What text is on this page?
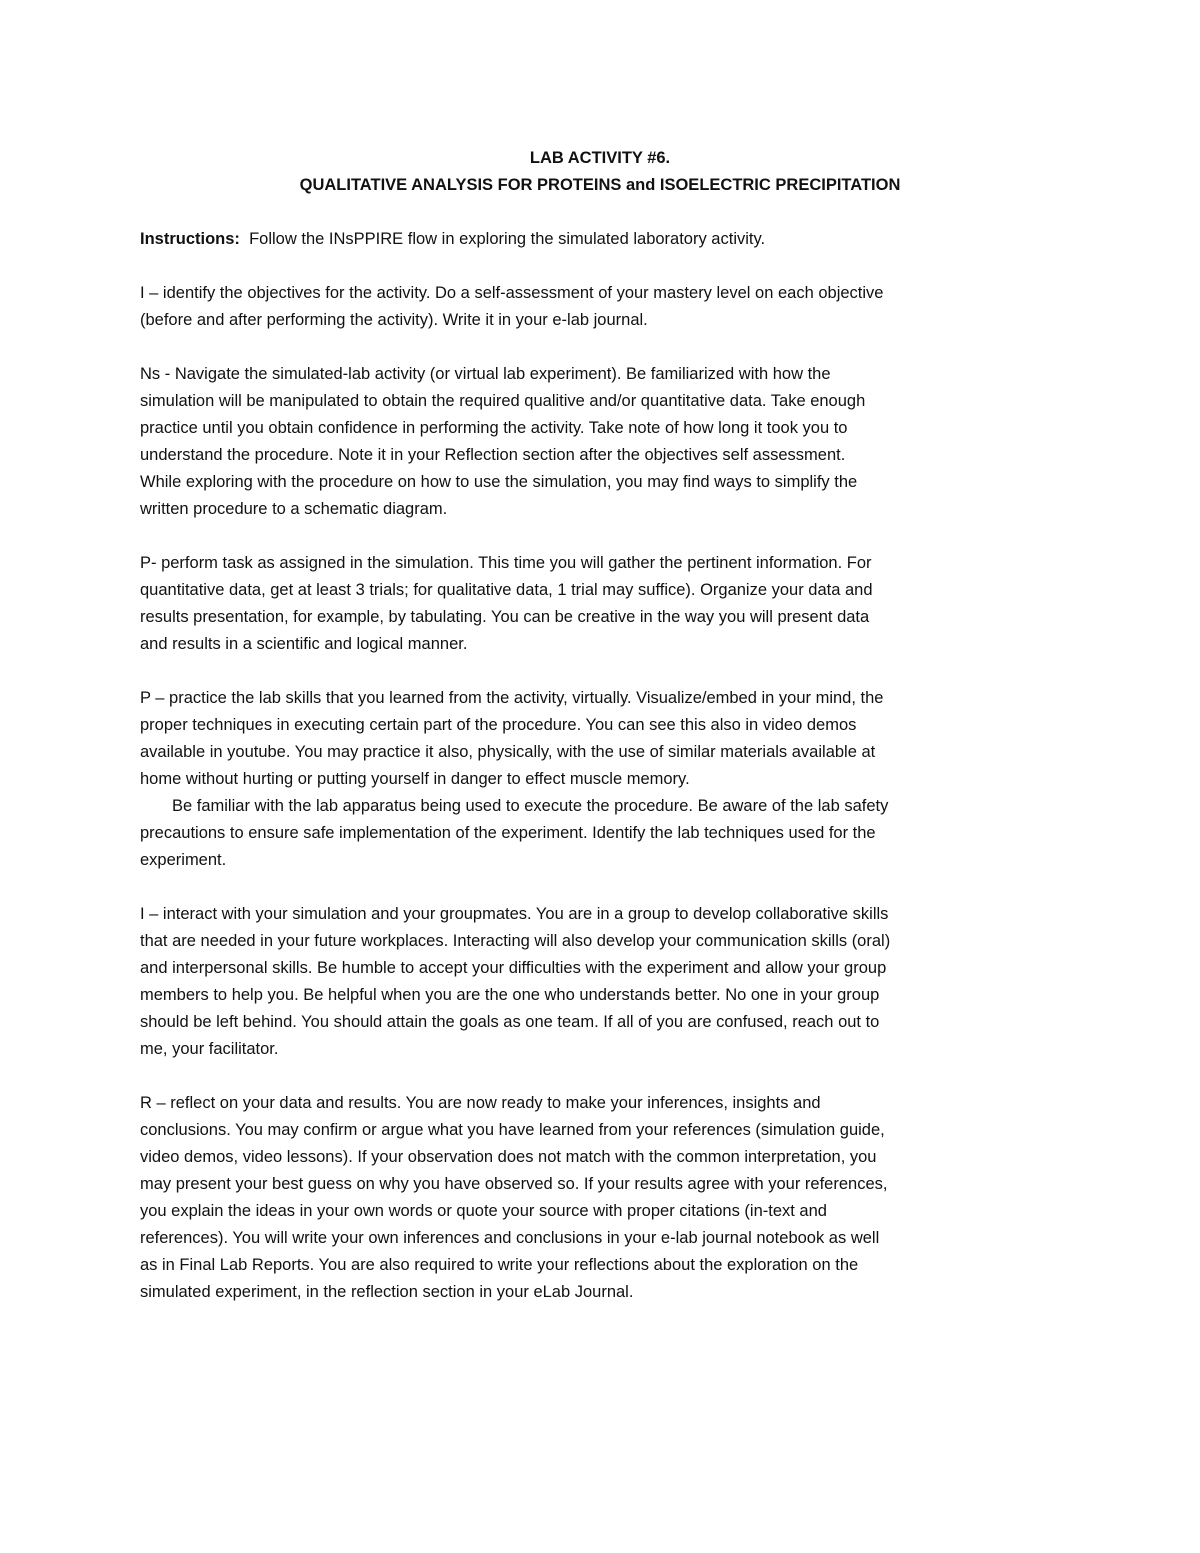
LAB ACTIVITY #6.

QUALITATIVE ANALYSIS FOR PROTEINS and ISOELECTRIC PRECIPITATION

Instructions: Follow the INsPPIRE flow in exploring the simulated laboratory activity.

I – identify the objectives for the activity. Do a self-assessment of your mastery level on each objective
(before and after performing the activity). Write it in your e-lab journal.

Ns - Navigate the simulated-lab activity (or virtual lab experiment). Be familiarized with how the
simulation will be manipulated to obtain the required qualitive and/or quantitative data. Take enough
practice until you obtain confidence in performing the activity. Take note of how long it took you to
understand the procedure. Note it in your Reflection section after the objectives self assessment.
While exploring with the procedure on how to use the simulation, you may find ways to simplify the
written procedure to a schematic diagram.

P- perform task as assigned in the simulation. This time you will gather the pertinent information. For
quantitative data, get at least 3 trials; for qualitative data, 1 trial may suffice). Organize your data and
results presentation, for example, by tabulating. You can be creative in the way you will present data
and results in a scientific and logical manner.

P – practice the lab skills that you learned from the activity, virtually. Visualize/embed in your mind, the
proper techniques in executing certain part of the procedure. You can see this also in video demos
available in youtube. You may practice it also, physically, with the use of similar materials available at
home without hurting or putting yourself in danger to effect muscle memory.

Be familiar with the lab apparatus being used to execute the procedure. Be aware of the lab safety
precautions to ensure safe implementation of the experiment. Identify the lab techniques used for the
experiment.

I – interact with your simulation and your groupmates. You are in a group to develop collaborative skills
that are needed in your future workplaces. Interacting will also develop your communication skills (oral)
and interpersonal skills. Be humble to accept your difficulties with the experiment and allow your group
members to help you. Be helpful when you are the one who understands better. No one in your group
should be left behind. You should attain the goals as one team. If all of you are confused, reach out to
me, your facilitator.

R – reflect on your data and results. You are now ready to make your inferences, insights and
conclusions. You may confirm or argue what you have learned from your references (simulation guide,
video demos, video lessons). If your observation does not match with the common interpretation, you
may present your best guess on why you have observed so. If your results agree with your references,
you explain the ideas in your own words or quote your source with proper citations (in-text and
references). You will write your own inferences and conclusions in your e-lab journal notebook as well
as in Final Lab Reports. You are also required to write your reflections about the exploration on the
simulated experiment, in the reflection section in your eLab Journal.
